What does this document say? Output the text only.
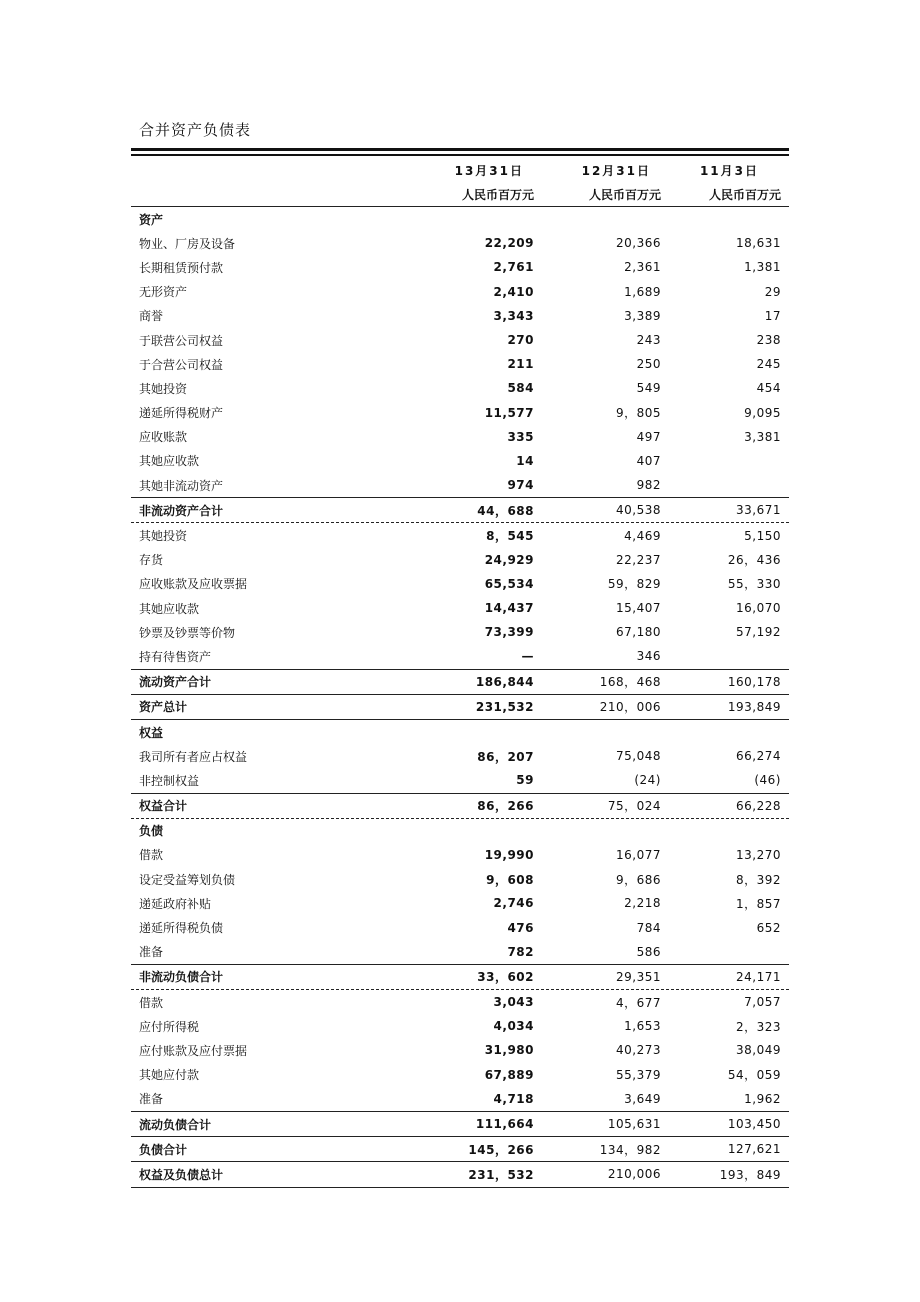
合并资产负债表
13月31日	12月31日	11月3日
人民币百万元	人民币百万元	人民币百万元
资产
物业、厂房及设备	22,209	20,366	18,631
长期租赁预付款	2,761	2,361	1,381
无形资产	2,410	1,689	29
商誉	3,343	3,389	17
于联营公司权益	270	243	238
于合营公司权益	211	250	245
其她投资	584	549	454
递延所得税财产	11,577	9，805	9,095
应收账款	335	497	3,381
其她应收款	14	407
其她非流动资产	974	982
非流动资产合计	44，688	40,538	33,671
其她投资	8，545	4,469	5,150
存货	24,929	22,237	26，436
应收账款及应收票据	65,534	59，829	55，330
其她应收款	14,437	15,407	16,070
钞票及钞票等价物	73,399	67,180	57,192
持有待售资产	—	346
流动资产合计	186,844	168，468	160,178
资产总计	231,532	210，006	193,849
权益
我司所有者应占权益	86，207	75,048	66,274
非控制权益	59	(24)	(46)
权益合计	86，266	75，024	66,228
负债
借款	19,990	16,077	13,270
设定受益筹划负债	9，608	9，686	8，392
递延政府补贴	2,746	2,218	1，857
递延所得税负债	476	784	652
准备	782	586
非流动负债合计	33，602	29,351	24,171
借款	3,043	4，677	7,057
应付所得税	4,034	1,653	2，323
应付账款及应付票据	31,980	40,273	38,049
其她应付款	67,889	55,379	54，059
准备	4,718	3,649	1,962
流动负债合计	111,664	105,631	103,450
负债合计	145，266	134，982	127,621
权益及负债总计	231，532	210,006	193，849
